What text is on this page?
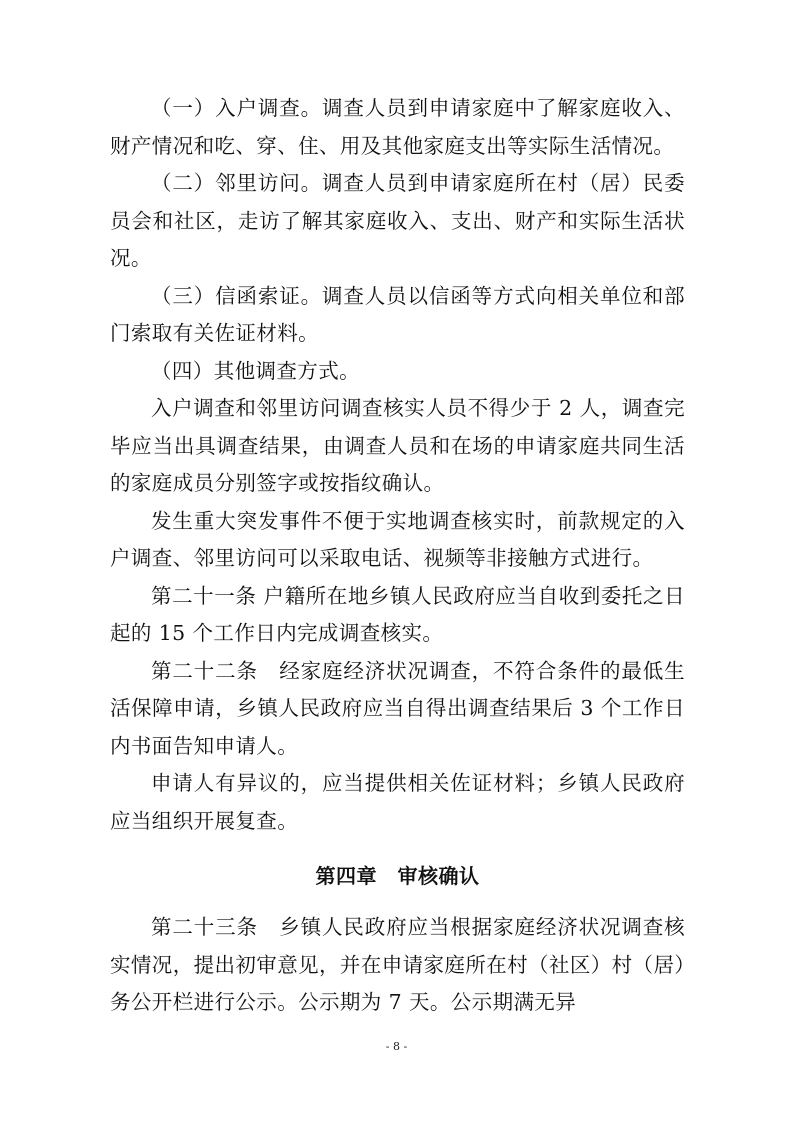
（一）入户调查。调查人员到申请家庭中了解家庭收入、财产情况和吃、穿、住、用及其他家庭支出等实际生活情况。

（二）邻里访问。调查人员到申请家庭所在村（居）民委员会和社区，走访了解其家庭收入、支出、财产和实际生活状况。

（三）信函索证。调查人员以信函等方式向相关单位和部门索取有关佐证材料。

（四）其他调查方式。

入户调查和邻里访问调查核实人员不得少于 2 人，调查完毕应当出具调查结果，由调查人员和在场的申请家庭共同生活的家庭成员分别签字或按指纹确认。

发生重大突发事件不便于实地调查核实时，前款规定的入户调查、邻里访问可以采取电话、视频等非接触方式进行。

第二十一条 户籍所在地乡镇人民政府应当自收到委托之日起的 15 个工作日内完成调查核实。

第二十二条　经家庭经济状况调查，不符合条件的最低生活保障申请，乡镇人民政府应当自得出调查结果后 3 个工作日内书面告知申请人。

申请人有异议的，应当提供相关佐证材料；乡镇人民政府应当组织开展复查。

第四章　审核确认

第二十三条　乡镇人民政府应当根据家庭经济状况调查核实情况，提出初审意见，并在申请家庭所在村（社区）村（居）务公开栏进行公示。公示期为 7 天。公示期满无异

- 8 -
